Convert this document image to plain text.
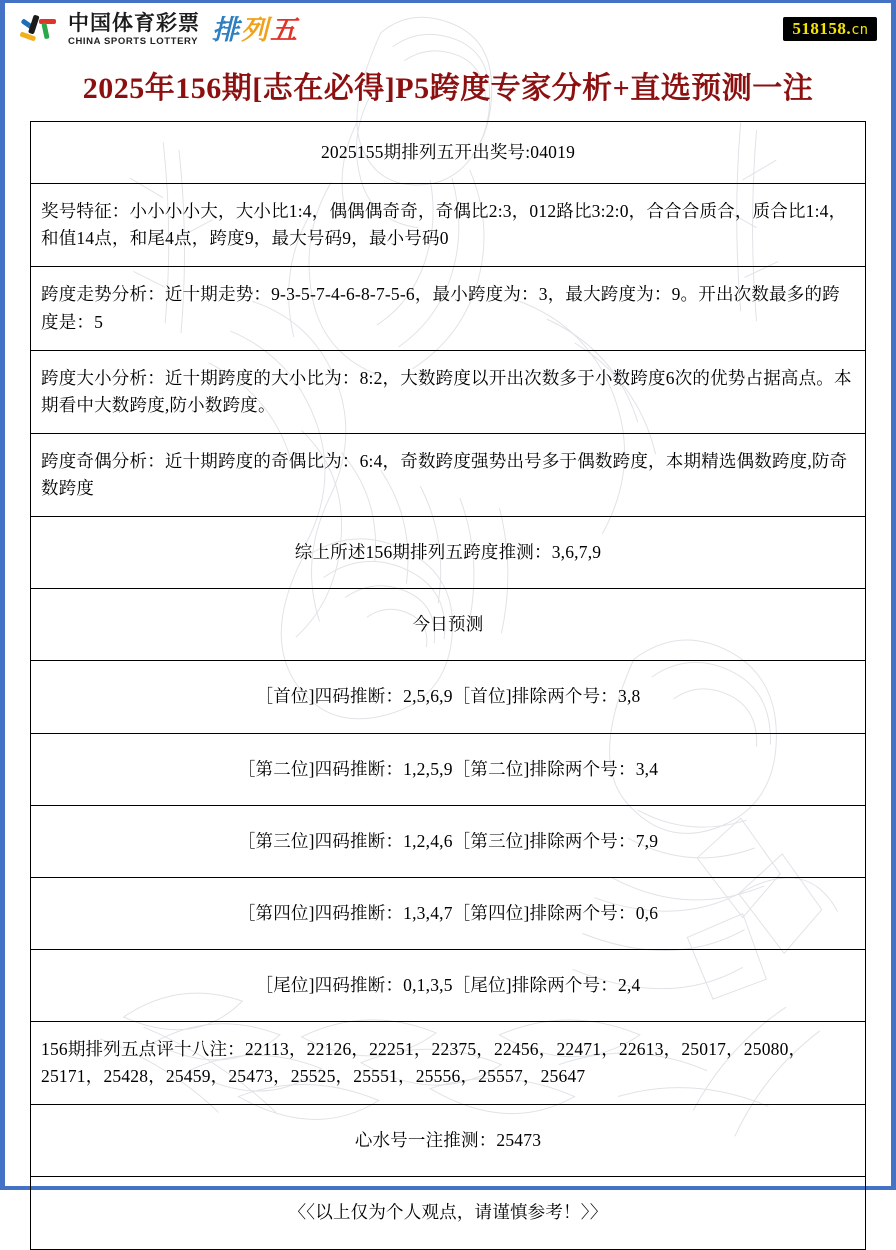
中国体育彩票
CHINA SPORTS LOTTERY 排 列 五	518158.cn
2025年156期[志在必得]P5跨度专家分析+直选预测一注
2025155期排列五开出奖号:04019
奖号特征：小小小小大，大小比1:4，偶偶偶奇奇，奇偶比2:3，012路比3:2:0，合合合质合，质合比1:4，和值14点，和尾4点，跨度9，最大号码9，最小号码0
跨度走势分析：近十期走势：9-3-5-7-4-6-8-7-5-6，最小跨度为：3，最大跨度为：9。开出次数最多的跨度是：5
跨度大小分析：近十期跨度的大小比为：8:2，大数跨度以开出次数多于小数跨度6次的优势占据高点。本期看中大数跨度,防小数跨度。
跨度奇偶分析：近十期跨度的奇偶比为：6:4，奇数跨度强势出号多于偶数跨度，本期精选偶数跨度,防奇 数跨度
综上所述156期排列五跨度推测：3,6,7,9
今日预测
［首位]四码推断：2,5,6,9［首位]排除两个号：3,8
［第二位]四码推断：1,2,5,9［第二位]排除两个号：3,4
［第三位]四码推断：1,2,4,6［第三位]排除两个号：7,9
［第四位]四码推断：1,3,4,7［第四位]排除两个号：0,6
［尾位]四码推断：0,1,3,5［尾位]排除两个号：2,4
156期排列五点评十八注：22113，22126，22251，22375，22456，22471，22613，25017，25080，25171，25428，25459，25473，25525，25551，25556，25557，25647
心水号一注推测：25473
〈〈以上仅为个人观点，请谨慎参考！〉〉
